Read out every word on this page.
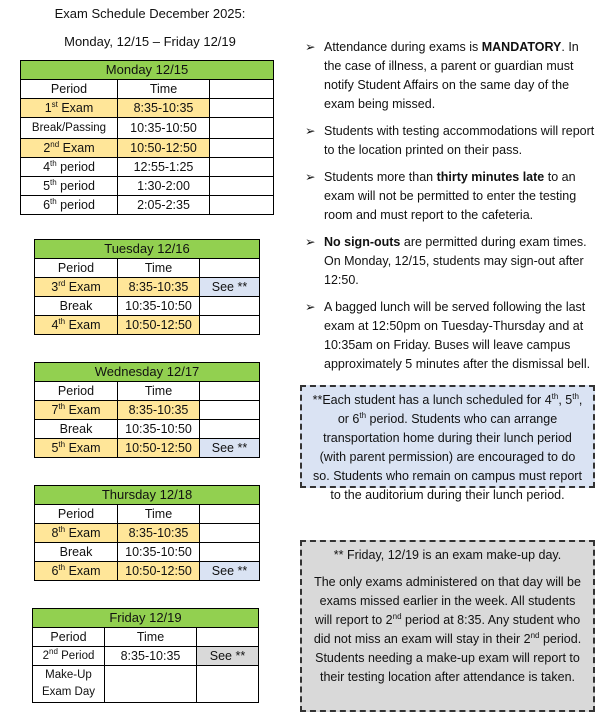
Exam Schedule December 2025:
Monday, 12/15 – Friday 12/19
Monday 12/15		
Period	Time	
1st Exam	8:35-10:35	
Break/Passing	10:35-10:50	
2nd Exam	10:50-12:50	
4th period	12:55-1:25	
5th period	1:30-2:00	
6th period	2:05-2:35	
Tuesday 12/16		
Period	Time	
3rd Exam	8:35-10:35	See **
Break	10:35-10:50	
4th Exam	10:50-12:50	
Wednesday 12/17		
Period	Time	
7th Exam	8:35-10:35	
Break	10:35-10:50	
5th Exam	10:50-12:50	See **
Thursday 12/18		
Period	Time	
8th Exam	8:35-10:35	
Break	10:35-10:50	
6th Exam	10:50-12:50	See **
Friday 12/19		
Period	Time	
2nd Period	8:35-10:35	See **
Make-Up Exam Day		
➢ Attendance during exams is MANDATORY. In the case of illness, a parent or guardian must notify Student Affairs on the same day of the exam being missed.
➢ Students with testing accommodations will report to the location printed on their pass.
➢ Students more than thirty minutes late to an exam will not be permitted to enter the testing room and must report to the cafeteria.
➢ No sign-outs are permitted during exam times. On Monday, 12/15, students may sign-out after 12:50.
➢ A bagged lunch will be served following the last exam at 12:50pm on Tuesday-Thursday and at 10:35am on Friday. Buses will leave campus approximately 5 minutes after the dismissal bell.
**Each student has a lunch scheduled for 4th, 5th, or 6th period. Students who can arrange transportation home during their lunch period (with parent permission) are encouraged to do so. Students who remain on campus must report to the auditorium during their lunch period.
** Friday, 12/19 is an exam make-up day.
The only exams administered on that day will be exams missed earlier in the week. All students will report to 2nd period at 8:35. Any student who did not miss an exam will stay in their 2nd period. Students needing a make-up exam will report to their testing location after attendance is taken.
